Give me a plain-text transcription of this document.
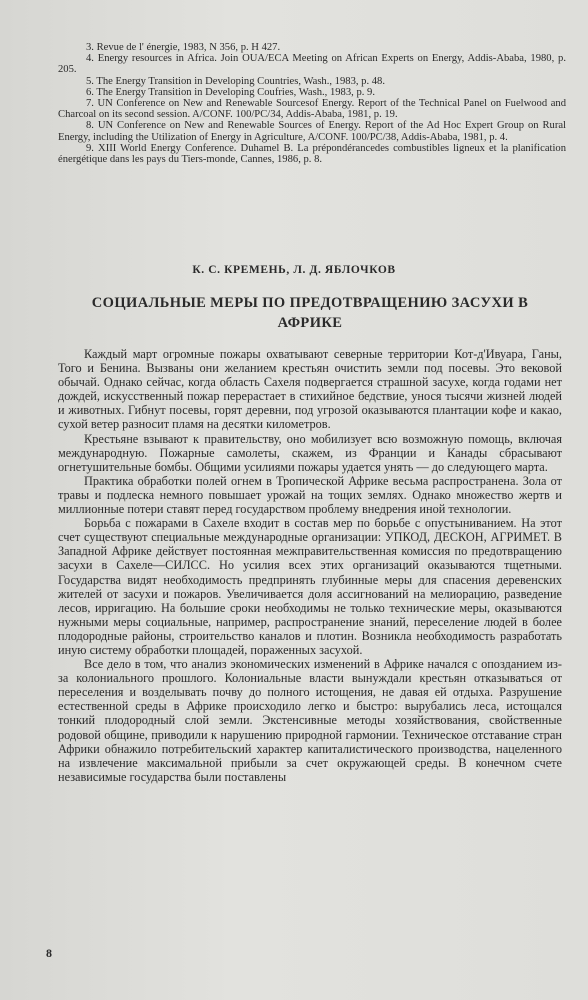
3. Revue de l' énergie, 1983, N 356, p. H 427.

4. Energy resources in Africa. Join OUA/ECA Meeting on African Experts on Energy, Addis-Ababa, 1980, p. 205.

5. The Energy Transition in Developing Countries, Wash., 1983, p. 48.

6. The Energy Transition in Developing Coufries, Wash., 1983, p. 9.

7. UN Conference on New and Renewable Sourcesof Energy. Report of the Technical Panel on Fuelwood and Charcoal on its second session. A/CONF. 100/PC/34, Addis-Ababa, 1981, p. 19.

8. UN Conference on New and Renewable Sources of Energy. Report of the Ad Hoc Expert Group on Rural Energy, including the Utilization of Energy in Agriculture, A/CONF. 100/PC/38, Addis-Ababa, 1981, p. 4.

9. XIII World Energy Conference. Duhamel B. La prépondérancedes combustibles ligneux et la planification énergétique dans les pays du Tiers-monde, Cannes, 1986, p. 8.

К. С. КРЕМЕНЬ, Л. Д. ЯБЛОЧКОВ
СОЦИАЛЬНЫЕ МЕРЫ ПО ПРЕДОТВРАЩЕНИЮ ЗАСУХИ В АФРИКЕ

Каждый март огромные пожары охватывают северные территории Кот-д'Ивуара, Ганы, Того и Бенина. Вызваны они желанием крестьян очистить земли под посевы. Это вековой обычай. Однако сейчас, когда область Сахеля подвергается страшной засухе, когда годами нет дождей, искусственный пожар перерастает в стихийное бедствие, унося тысячи жизней людей и животных. Гибнут посевы, горят деревни, под угрозой оказываются плантации кофе и какао, сухой ветер разносит пламя на десятки километров.

Крестьяне взывают к правительству, оно мобилизует всю возможную помощь, включая международную. Пожарные самолеты, скажем, из Франции и Канады сбрасывают огнетушительные бомбы. Общими усилиями пожары удается унять — до следующего марта.

Практика обработки полей огнем в Тропической Африке весьма распространена. Зола от травы и подлеска немного повышает урожай на тощих землях. Однако множество жертв и миллионные потери ставят перед государством проблему внедрения иной технологии.

Борьба с пожарами в Сахеле входит в состав мер по борьбе с опустыниванием. На этот счет существуют специальные международные организации: УПКОД, ДЕСКОН, АГРИМЕТ. В Западной Африке действует постоянная межправительственная комиссия по предотвращению засухи в Сахеле—СИЛСС. Но усилия всех этих организаций оказываются тщетными. Государства видят необходимость предпринять глубинные меры для спасения деревенских жителей от засухи и пожаров. Увеличивается доля ассигнований на мелиорацию, разведение лесов, ирригацию. На большие сроки необходимы не только технические меры, оказываются нужными меры социальные, например, распространение знаний, переселение людей в более плодородные районы, строительство каналов и плотин. Возникла необходимость разработать иную систему обработки площадей, пораженных засухой.

Все дело в том, что анализ экономических изменений в Африке начался с опозданием из-за колониального прошлого. Колониальные власти вынуждали крестьян отказываться от переселения и возделывать почву до полного истощения, не давая ей отдыха. Разрушение естественной среды в Африке происходило легко и быстро: вырубались леса, истощался тонкий плодородный слой земли. Экстенсивные методы хозяйствования, свойственные родовой общине, приводили к нарушению природной гармонии. Техническое отставание стран Африки обнажило потребительский характер капиталистического производства, нацеленного на извлечение максимальной прибыли за счет окружающей среды. В конечном счете независимые государства были поставлены

8
